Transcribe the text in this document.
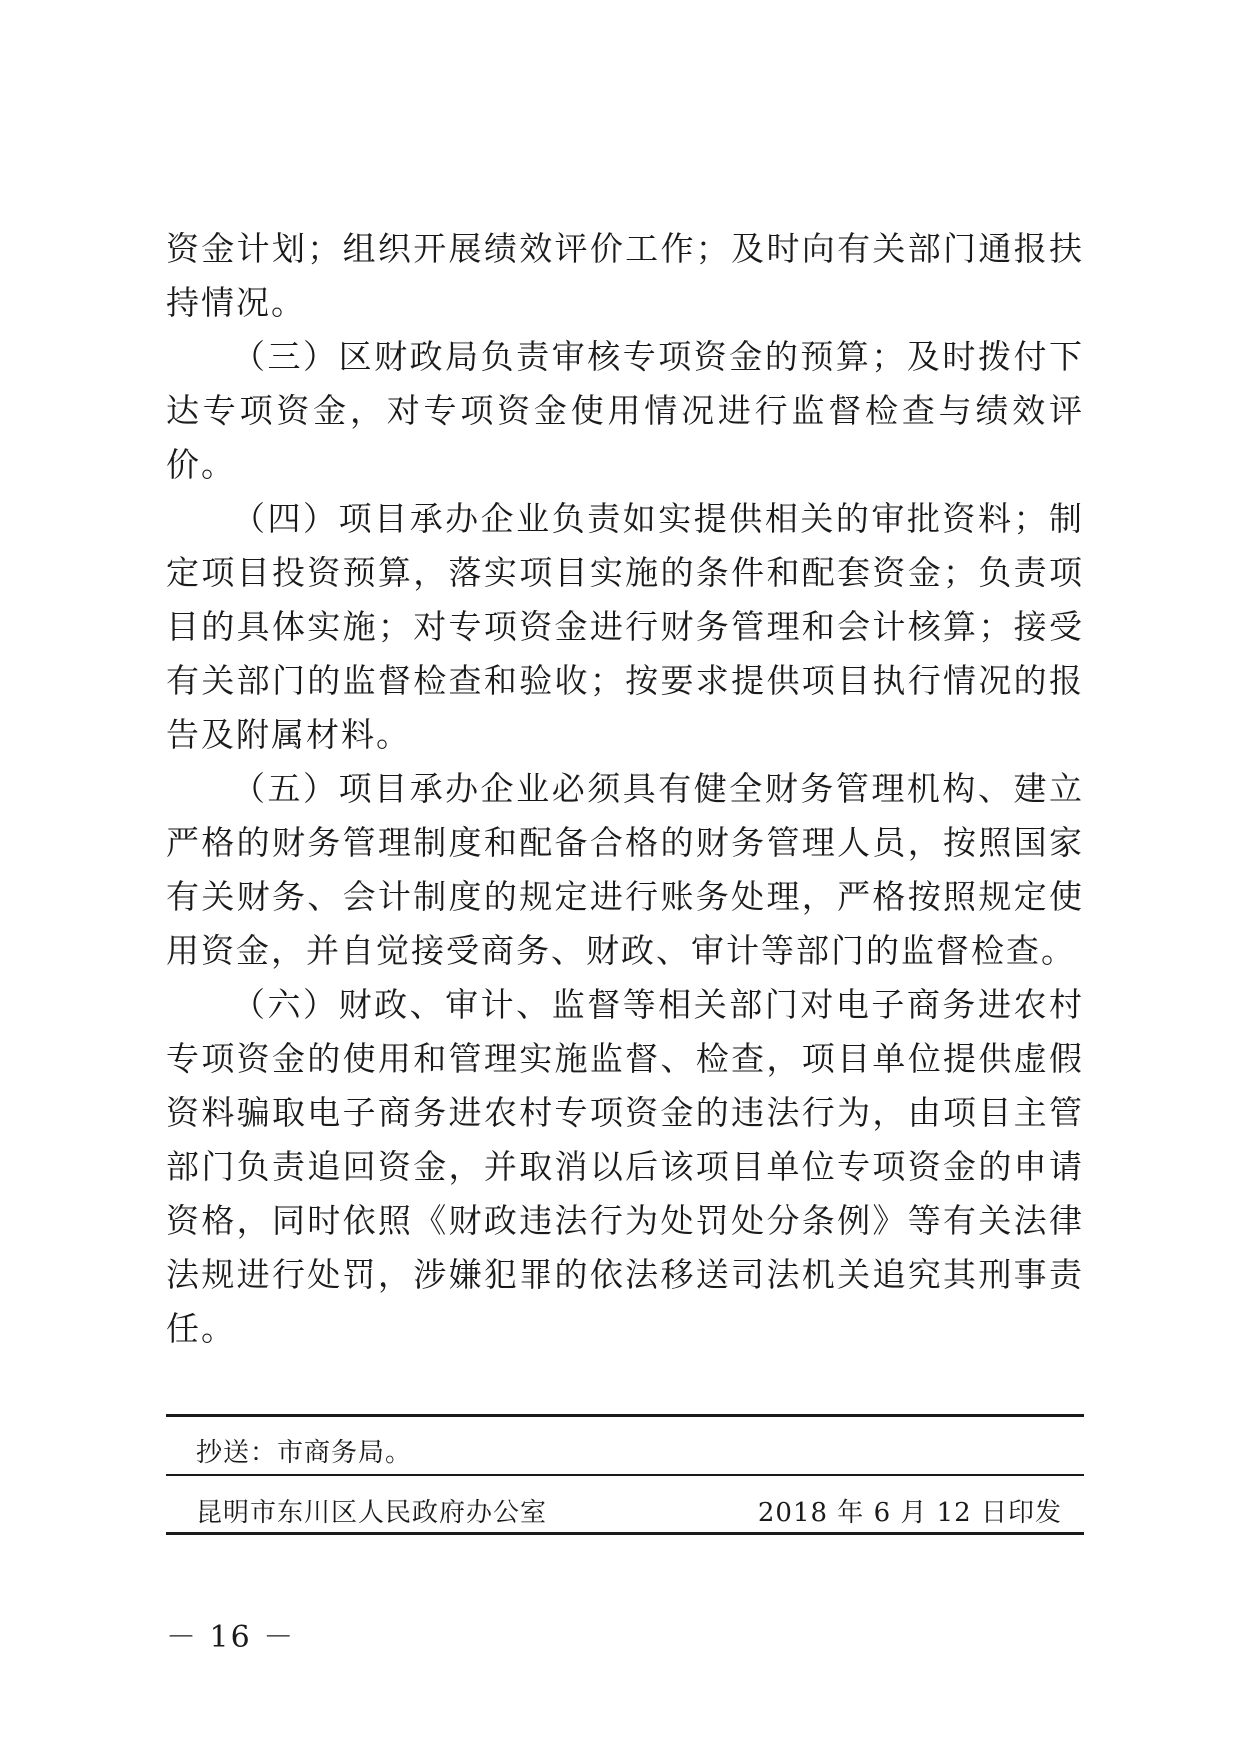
资金计划；组织开展绩效评价工作；及时向有关部门通报扶持情况。

（三）区财政局负责审核专项资金的预算；及时拨付下达专项资金，对专项资金使用情况进行监督检查与绩效评价。

（四）项目承办企业负责如实提供相关的审批资料；制定项目投资预算，落实项目实施的条件和配套资金；负责项目的具体实施；对专项资金进行财务管理和会计核算；接受有关部门的监督检查和验收；按要求提供项目执行情况的报告及附属材料。

（五）项目承办企业必须具有健全财务管理机构、建立严格的财务管理制度和配备合格的财务管理人员，按照国家有关财务、会计制度的规定进行账务处理，严格按照规定使用资金，并自觉接受商务、财政、审计等部门的监督检查。

（六）财政、审计、监督等相关部门对电子商务进农村专项资金的使用和管理实施监督、检查，项目单位提供虚假资料骗取电子商务进农村专项资金的违法行为，由项目主管部门负责追回资金，并取消以后该项目单位专项资金的申请资格，同时依照《财政违法行为处罚处分条例》等有关法律法规进行处罚，涉嫌犯罪的依法移送司法机关追究其刑事责任。

抄送：市商务局。
昆明市东川区人民政府办公室	2018 年 6 月 12 日印发
－ 16 －
